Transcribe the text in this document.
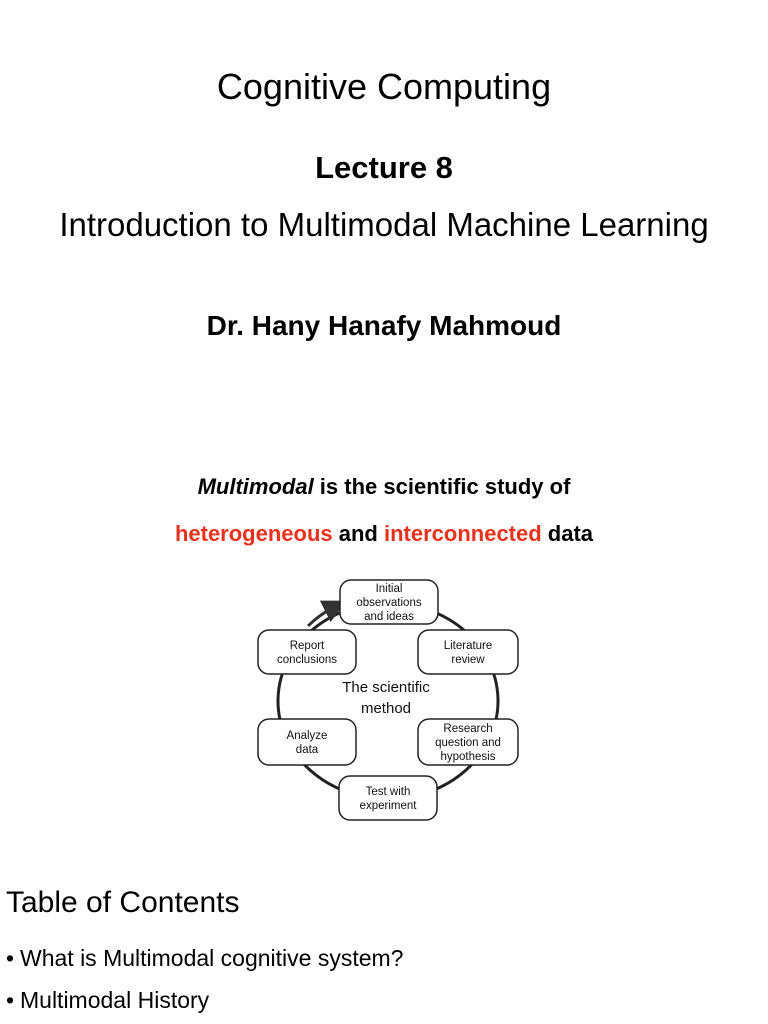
Cognitive Computing
Lecture 8
Introduction to Multimodal Machine Learning
Dr. Hany Hanafy Mahmoud
Multimodal is the scientific study of
heterogeneous and interconnected data
Initial
observations
and ideas
Literature
review
Research
question and
hypothesis
Test with
experiment
Analyze
data
Report
conclusions
The scientific
method
Table of Contents
• What is Multimodal cognitive system?
• Multimodal History
